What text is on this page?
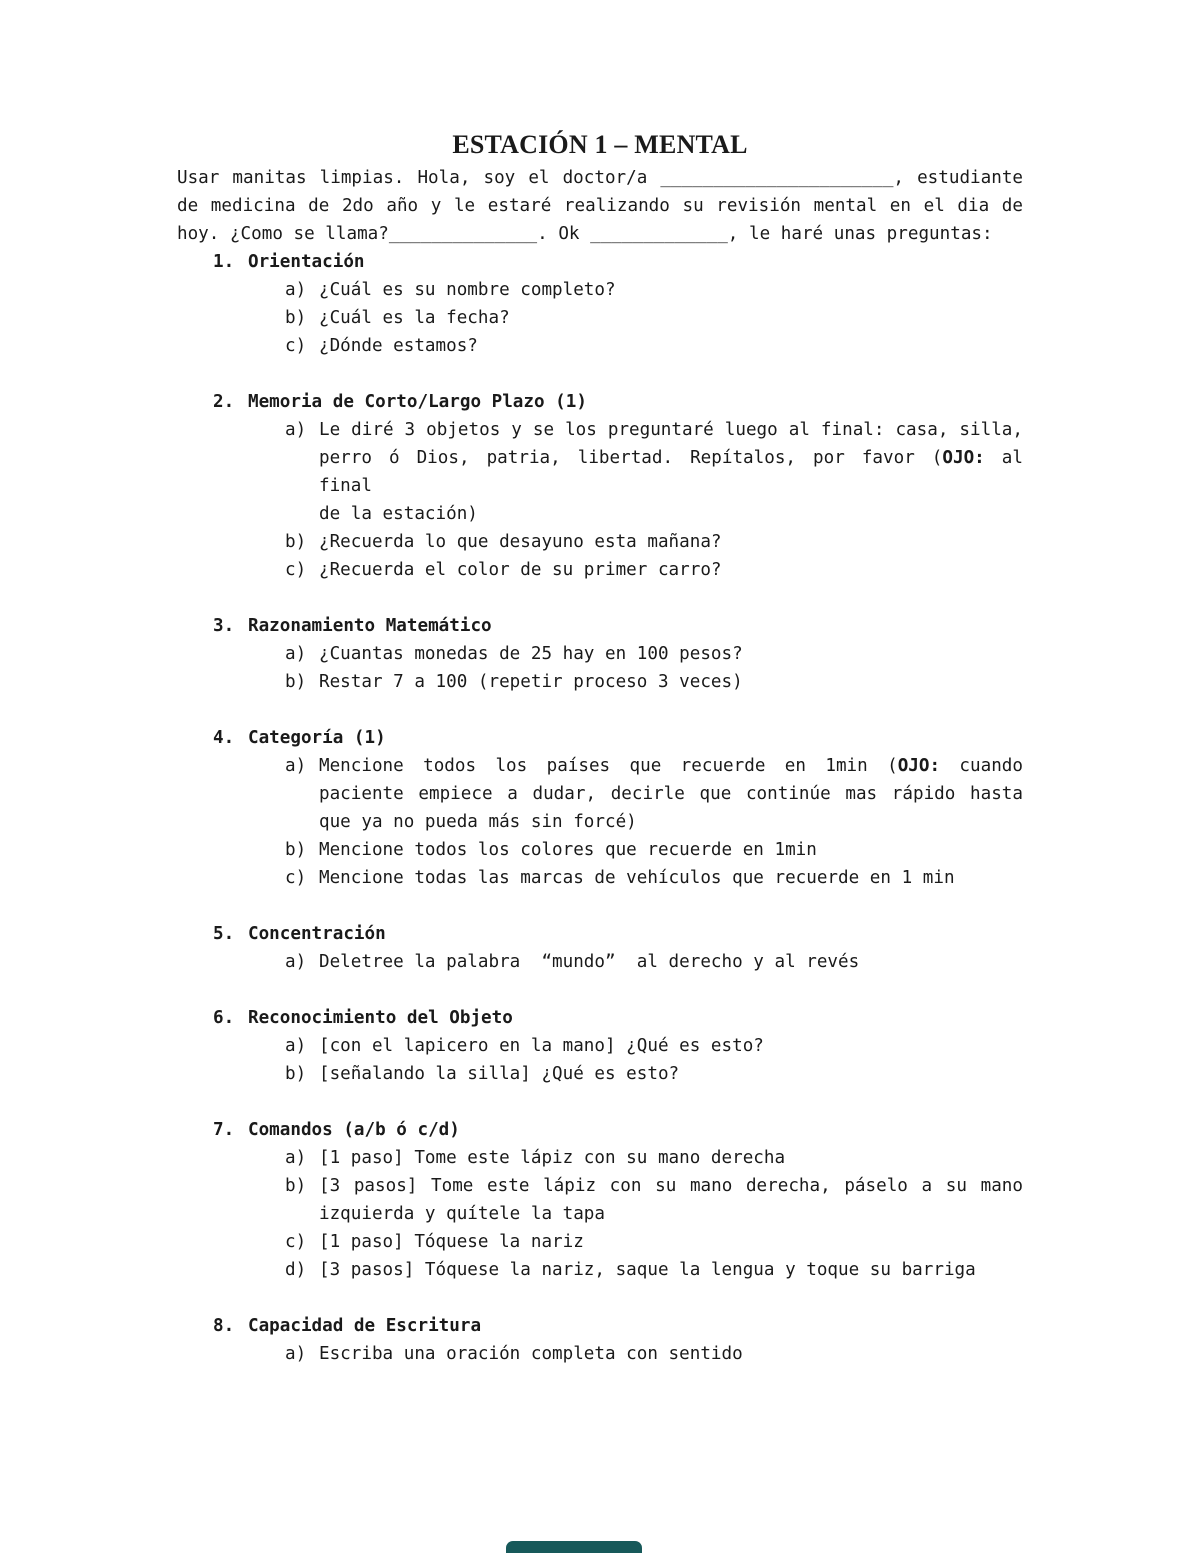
ESTACIÓN 1 – MENTAL
Usar manitas limpias. Hola, soy el doctor/a ______________________, estudiante
de medicina de 2do año y le estaré realizando su revisión mental en el dia de
hoy. ¿Como se llama?______________. Ok _____________, le haré unas preguntas:
1. Orientación
a) ¿Cuál es su nombre completo?
b) ¿Cuál es la fecha?
c) ¿Dónde estamos?
2. Memoria de Corto/Largo Plazo (1)
a) Le diré 3 objetos y se los preguntaré luego al final: casa, silla,
perro ó Dios, patria, libertad. Repítalos, por favor (OJO: al final
de la estación)
b) ¿Recuerda lo que desayuno esta mañana?
c) ¿Recuerda el color de su primer carro?
3. Razonamiento Matemático
a) ¿Cuantas monedas de 25 hay en 100 pesos?
b) Restar 7 a 100 (repetir proceso 3 veces)
4. Categoría (1)
a) Mencione todos los países que recuerde en 1min (OJO: cuando
paciente empiece a dudar, decirle que continúe mas rápido hasta
que ya no pueda más sin forcé)
b) Mencione todos los colores que recuerde en 1min
c) Mencione todas las marcas de vehículos que recuerde en 1 min
5. Concentración
a) Deletree la palabra  “mundo”  al derecho y al revés
6. Reconocimiento del Objeto
a) [con el lapicero en la mano] ¿Qué es esto?
b) [señalando la silla] ¿Qué es esto?
7. Comandos (a/b ó c/d)
a) [1 paso] Tome este lápiz con su mano derecha
b) [3 pasos] Tome este lápiz con su mano derecha, páselo a su mano
izquierda y quítele la tapa
c) [1 paso] Tóquese la nariz
d) [3 pasos] Tóquese la nariz, saque la lengua y toque su barriga
8. Capacidad de Escritura
a) Escriba una oración completa con sentido
